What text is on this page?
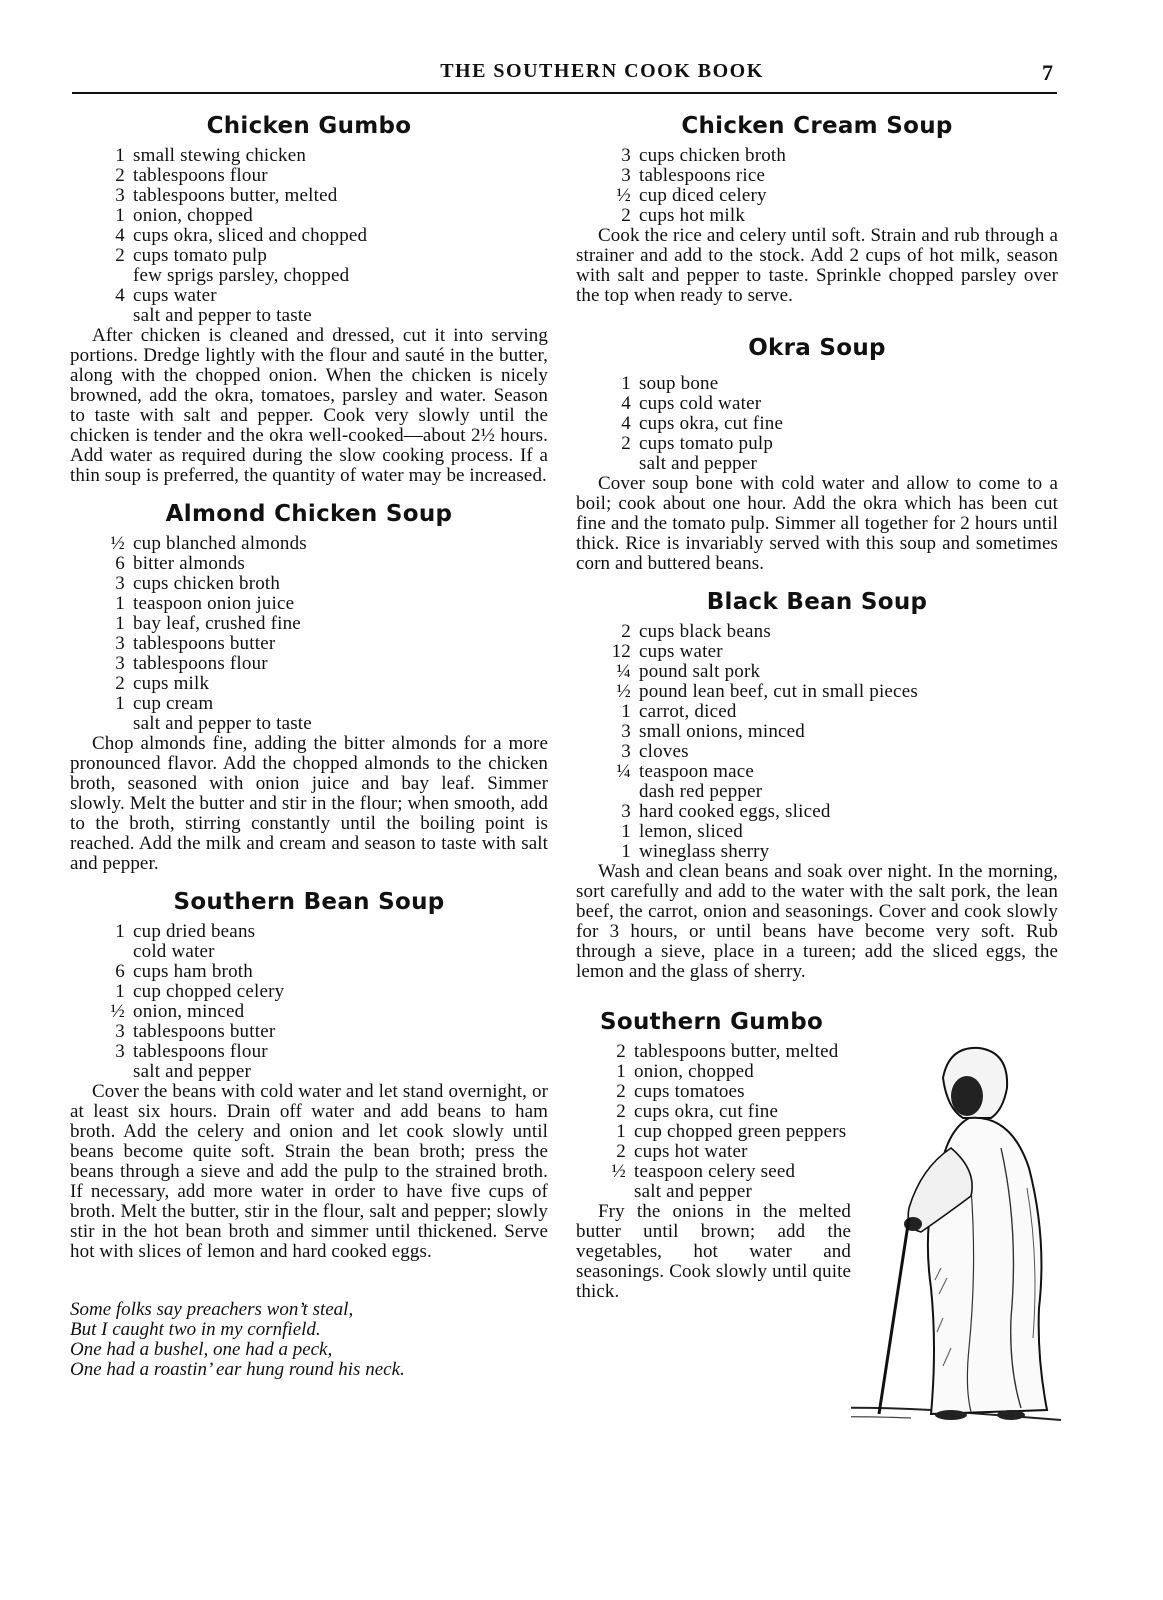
THE SOUTHERN COOK BOOK	7
Chicken Gumbo
1 small stewing chicken
2 tablespoons flour
3 tablespoons butter, melted
1 onion, chopped
4 cups okra, sliced and chopped
2 cups tomato pulp
few sprigs parsley, chopped
4 cups water
salt and pepper to taste

After chicken is cleaned and dressed, cut it into serving portions. Dredge lightly with the flour and sauté in the butter, along with the chopped onion. When the chicken is nicely browned, add the okra, tomatoes, parsley and water. Season to taste with salt and pepper. Cook very slowly until the chicken is tender and the okra well-cooked—about 2½ hours. Add water as required during the slow cooking process. If a thin soup is preferred, the quantity of water may be increased.

Almond Chicken Soup
½ cup blanched almonds
6 bitter almonds
3 cups chicken broth
1 teaspoon onion juice
1 bay leaf, crushed fine
3 tablespoons butter
3 tablespoons flour
2 cups milk
1 cup cream
salt and pepper to taste

Chop almonds fine, adding the bitter almonds for a more pronounced flavor. Add the chopped almonds to the chicken broth, seasoned with onion juice and bay leaf. Simmer slowly. Melt the butter and stir in the flour; when smooth, add to the broth, stirring constantly until the boiling point is reached. Add the milk and cream and season to taste with salt and pepper.

Southern Bean Soup
1 cup dried beans
cold water
6 cups ham broth
1 cup chopped celery
½ onion, minced
3 tablespoons butter
3 tablespoons flour
salt and pepper

Cover the beans with cold water and let stand overnight, or at least six hours. Drain off water and add beans to ham broth. Add the celery and onion and let cook slowly until beans become quite soft. Strain the bean broth; press the beans through a sieve and add the pulp to the strained broth. If necessary, add more water in order to have five cups of broth. Melt the butter, stir in the flour, salt and pepper; slowly stir in the hot bean broth and simmer until thickened. Serve hot with slices of lemon and hard cooked eggs.

Some folks say preachers won’t steal,
But I caught two in my cornfield.
One had a bushel, one had a peck,
One had a roastin’ ear hung round his neck.
Chicken Cream Soup
3 cups chicken broth
3 tablespoons rice
½ cup diced celery
2 cups hot milk

Cook the rice and celery until soft. Strain and rub through a strainer and add to the stock. Add 2 cups of hot milk, season with salt and pepper to taste. Sprinkle chopped parsley over the top when ready to serve.

Okra Soup
1 soup bone
4 cups cold water
4 cups okra, cut fine
2 cups tomato pulp
salt and pepper

Cover soup bone with cold water and allow to come to a boil; cook about one hour. Add the okra which has been cut fine and the tomato pulp. Simmer all together for 2 hours until thick. Rice is invariably served with this soup and sometimes corn and buttered beans.

Black Bean Soup
2 cups black beans
12 cups water
¼ pound salt pork
½ pound lean beef, cut in small pieces
1 carrot, diced
3 small onions, minced
3 cloves
¼ teaspoon mace
dash red pepper
3 hard cooked eggs, sliced
1 lemon, sliced
1 wineglass sherry

Wash and clean beans and soak over night. In the morning, sort carefully and add to the water with the salt pork, the lean beef, the carrot, onion and seasonings. Cover and cook slowly for 3 hours, or until beans have become very soft. Rub through a sieve, place in a tureen; add the sliced eggs, the lemon and the glass of sherry.

Southern Gumbo
2 tablespoons butter, melted
1 onion, chopped
2 cups tomatoes
2 cups okra, cut fine
1 cup chopped green peppers
2 cups hot water
½ teaspoon celery seed
salt and pepper

Fry the onions in the melted butter until brown; add the vegetables, hot water and seasonings. Cook slowly until quite thick.
